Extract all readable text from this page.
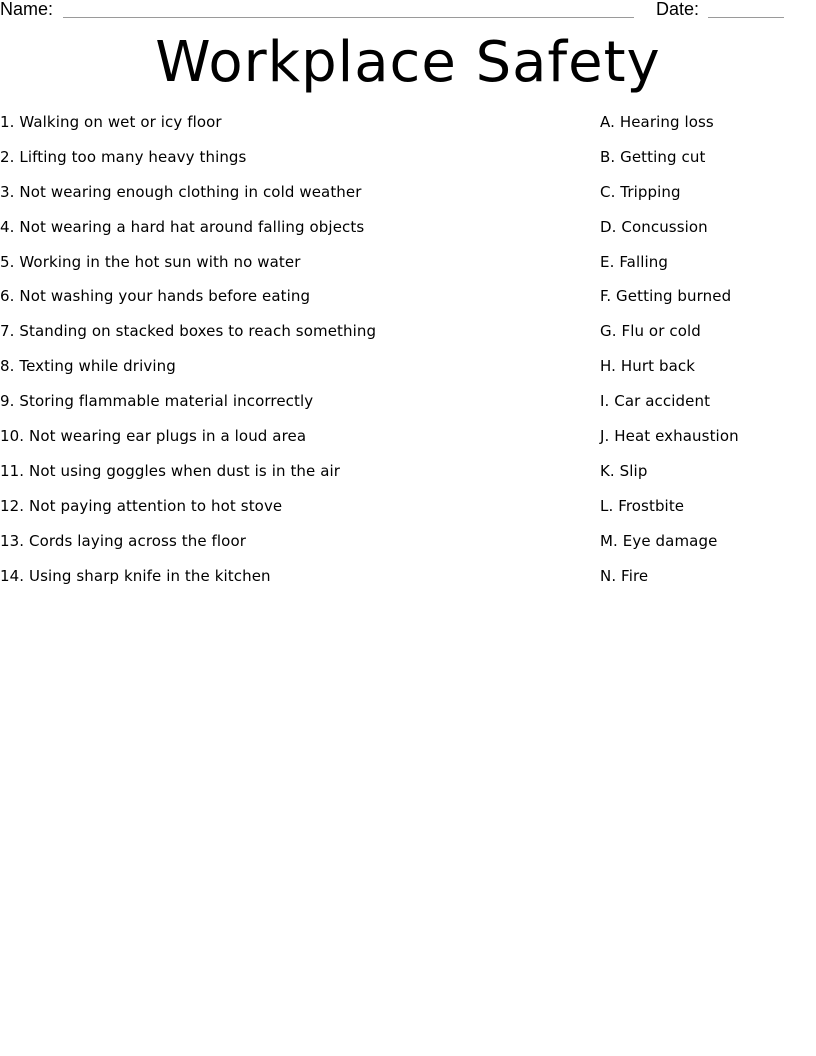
Name:	Date:
Workplace Safety
1. Walking on wet or icy floor
2. Lifting too many heavy things
3. Not wearing enough clothing in cold weather
4. Not wearing a hard hat around falling objects
5. Working in the hot sun with no water
6. Not washing your hands before eating
7. Standing on stacked boxes to reach something
8. Texting while driving
9. Storing flammable material incorrectly
10. Not wearing ear plugs in a loud area
11. Not using goggles when dust is in the air
12. Not paying attention to hot stove
13. Cords laying across the floor
14. Using sharp knife in the kitchen
A. Hearing loss
B. Getting cut
C. Tripping
D. Concussion
E. Falling
F. Getting burned
G. Flu or cold
H. Hurt back
I. Car accident
J. Heat exhaustion
K. Slip
L. Frostbite
M. Eye damage
N. Fire
